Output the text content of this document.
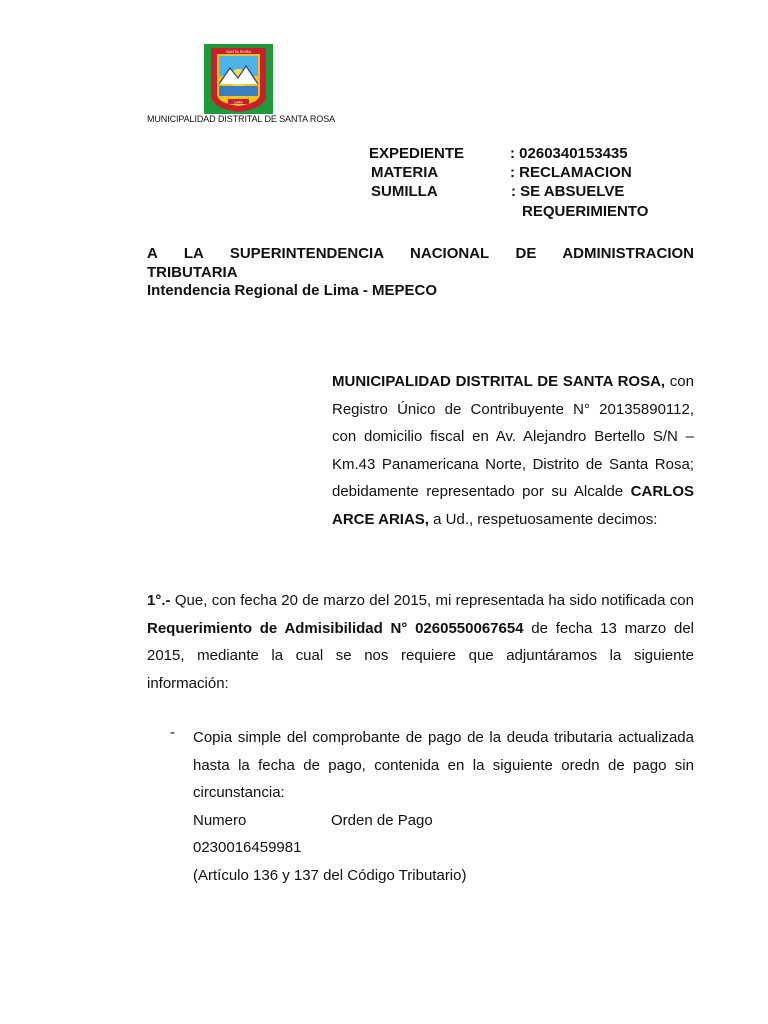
SANTA ROSA
LIMA
MUNICIPALIDAD DISTRITAL DE SANTA ROSA
EXPEDIENTE	: 0260340153435
MATERIA	: RECLAMACION
SUMILLA	: SE ABSUELVE
REQUERIMIENTO
A LA SUPERINTENDENCIA NACIONAL DE ADMINISTRACION
TRIBUTARIA
Intendencia Regional de Lima - MEPECO
MUNICIPALIDAD DISTRITAL DE SANTA ROSA, con Registro Único de Contribuyente N° 20135890112, con domicilio fiscal en Av. Alejandro Bertello S/N – Km.43 Panamericana Norte, Distrito de Santa Rosa; debidamente representado por su Alcalde CARLOS ARCE ARIAS, a Ud., respetuosamente decimos:
1°.- Que, con fecha 20 de marzo del 2015, mi representada ha sido notificada con Requerimiento de Admisibilidad N° 0260550067654 de fecha 13 marzo del 2015, mediante la cual se nos requiere que adjuntáramos la siguiente información:
- Copia simple del comprobante de pago de la deuda tributaria actualizada hasta la fecha de pago, contenida en la siguiente oredn de pago sin circunstancia:
Numero	Orden de Pago
0230016459981
(Artículo 136 y 137 del Código Tributario)
